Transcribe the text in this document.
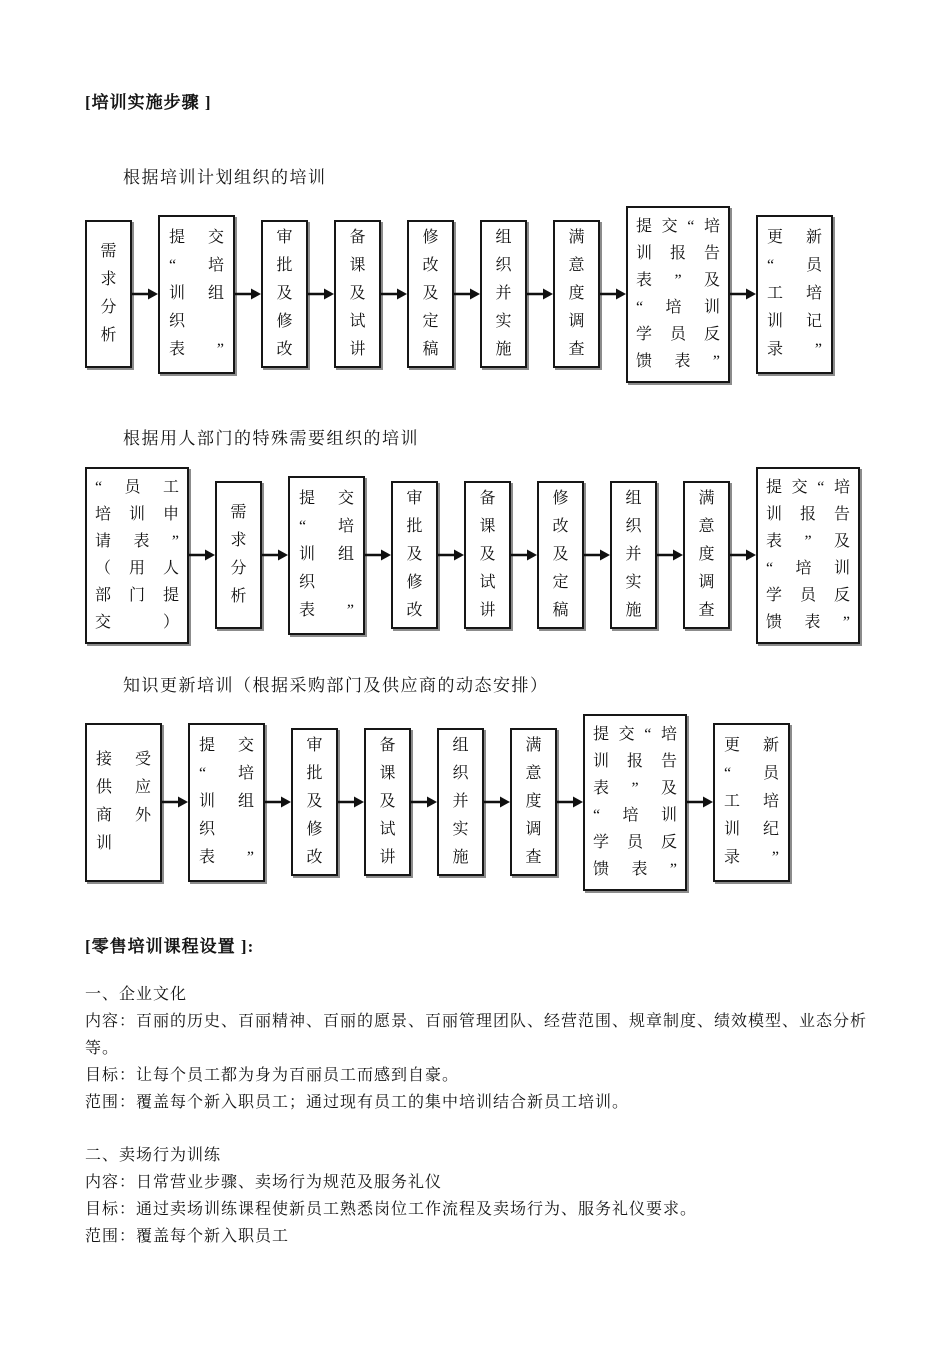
[培训实施步骤 ]
根据培训计划组织的培训
需
求
分
析
提交
“培
训组
织
表”
审
批
及
修
改
备
课
及
试
讲
修
改
及
定
稿
组
织
并
实
施
满
意
度
调
查
提交“培
训报告
表”及
“培训
学员反
馈表”
更新
“员
工培
训记
录”
根据用人部门的特殊需要组织的培训
“员工
培训申
请表”
（用人
部门提
交）
需
求
分
析
提交
“培
训组
织
表”
审
批
及
修
改
备
课
及
试
讲
修
改
及
定
稿
组
织
并
实
施
满
意
度
调
查
提交“培
训报告
表”及
“培训
学员反
馈表”
知识更新培训（根据采购部门及供应商的动态安排）
接受
供应
商外
训
提交
“培
训组
织
表”
审
批
及
修
改
备
课
及
试
讲
组
织
并
实
施
满
意
度
调
查
提交“培
训报告
表”及
“培训
学员反
馈表”
更新
“员
工培
训纪
录”
[零售培训课程设置 ]:
一、企业文化
内容：百丽的历史、百丽精神、百丽的愿景、百丽管理团队、经营范围、规章制度、绩效模型、业态分析
等。
目标：让每个员工都为身为百丽员工而感到自豪。
范围：覆盖每个新入职员工；通过现有员工的集中培训结合新员工培训。
二、卖场行为训练
内容：日常营业步骤、卖场行为规范及服务礼仪
目标：通过卖场训练课程使新员工熟悉岗位工作流程及卖场行为、服务礼仪要求。
范围：覆盖每个新入职员工
